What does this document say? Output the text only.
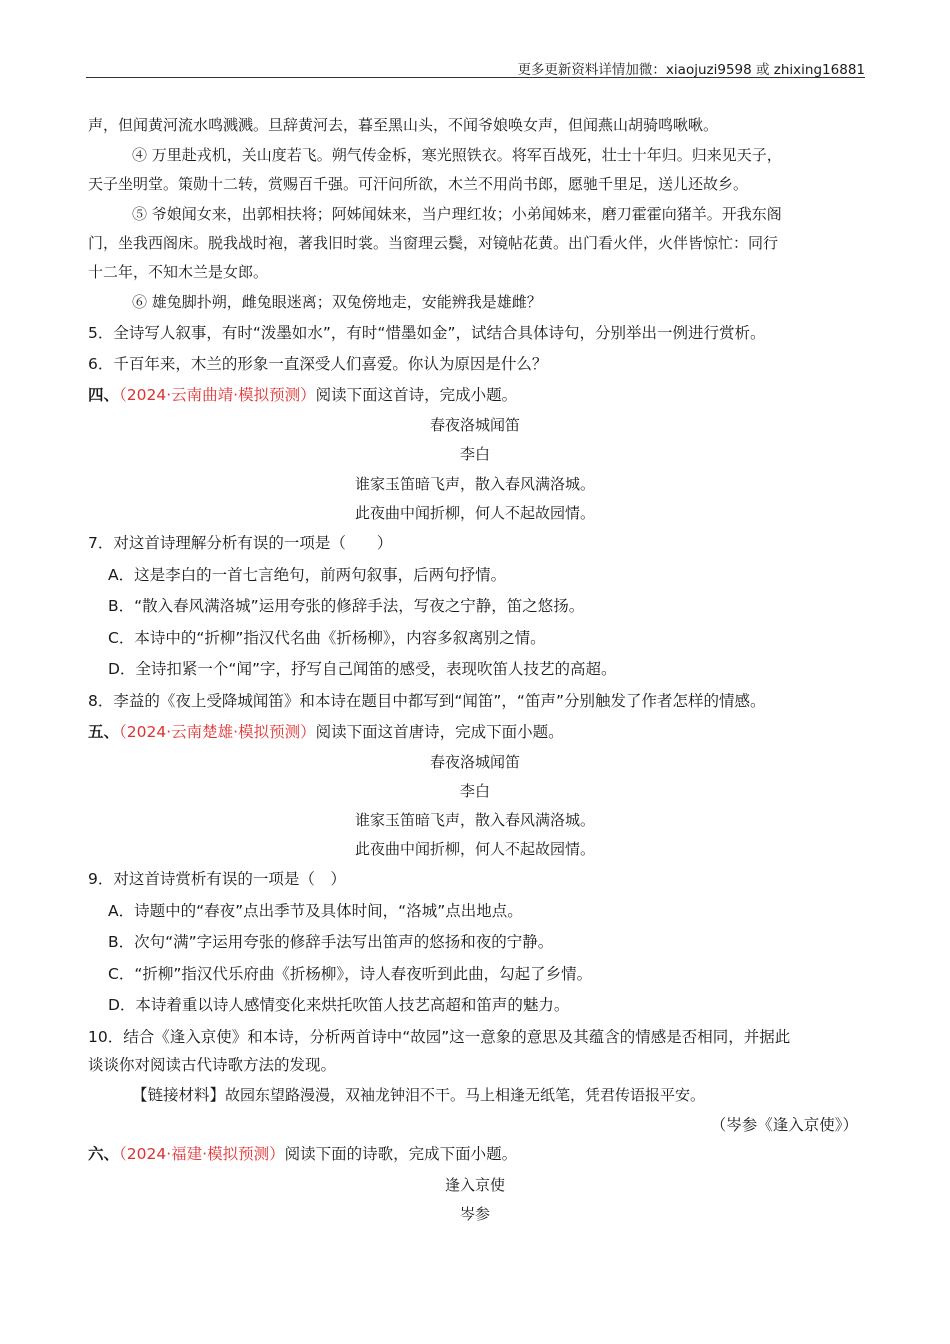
更多更新资料详情加微：xiaojuzi9598 或 zhixing16881
声，但闻黄河流水鸣溅溅。旦辞黄河去，暮至黑山头，不闻爷娘唤女声，但闻燕山胡骑鸣啾啾。
④ 万里赴戎机，关山度若飞。朔气传金柝，寒光照铁衣。将军百战死，壮士十年归。归来见天子，
天子坐明堂。策勋十二转，赏赐百千强。可汗问所欲，木兰不用尚书郎，愿驰千里足，送儿还故乡。
⑤ 爷娘闻女来，出郭相扶将；阿姊闻妹来，当户理红妆；小弟闻姊来，磨刀霍霍向猪羊。开我东阁
门，坐我西阁床。脱我战时袍，著我旧时裳。当窗理云鬓，对镜帖花黄。出门看火伴，火伴皆惊忙：同行
十二年，不知木兰是女郎。
⑥ 雄兔脚扑朔，雌兔眼迷离；双兔傍地走，安能辨我是雄雌？
5．全诗写人叙事，有时“泼墨如水”，有时“惜墨如金”，试结合具体诗句，分别举出一例进行赏析。
6．千百年来，木兰的形象一直深受人们喜爱。你认为原因是什么？
四、（2024·云南曲靖·模拟预测）阅读下面这首诗，完成小题。
春夜洛城闻笛
李白
谁家玉笛暗飞声，散入春风满洛城。
此夜曲中闻折柳，何人不起故园情。
7．对这首诗理解分析有误的一项是（　　）
A．这是李白的一首七言绝句，前两句叙事，后两句抒情。
B．“散入春风满洛城”运用夸张的修辞手法，写夜之宁静，笛之悠扬。
C．本诗中的“折柳”指汉代名曲《折杨柳》，内容多叙离别之情。
D．全诗扣紧一个“闻”字，抒写自己闻笛的感受，表现吹笛人技艺的高超。
8．李益的《夜上受降城闻笛》和本诗在题目中都写到“闻笛”，“笛声”分别触发了作者怎样的情感。
五、（2024·云南楚雄·模拟预测）阅读下面这首唐诗，完成下面小题。
春夜洛城闻笛
李白
谁家玉笛暗飞声，散入春风满洛城。
此夜曲中闻折柳，何人不起故园情。
9．对这首诗赏析有误的一项是（　）
A．诗题中的“春夜”点出季节及具体时间，“洛城”点出地点。
B．次句“满”字运用夸张的修辞手法写出笛声的悠扬和夜的宁静。
C．“折柳”指汉代乐府曲《折杨柳》，诗人春夜听到此曲，勾起了乡情。
D．本诗着重以诗人感情变化来烘托吹笛人技艺高超和笛声的魅力。
10．结合《逢入京使》和本诗，分析两首诗中“故园”这一意象的意思及其蕴含的情感是否相同，并据此
谈谈你对阅读古代诗歌方法的发现。
【链接材料】故园东望路漫漫，双袖龙钟泪不干。马上相逢无纸笔，凭君传语报平安。
（岑参《逢入京使》）
六、（2024·福建·模拟预测）阅读下面的诗歌，完成下面小题。
逢入京使
岑参
